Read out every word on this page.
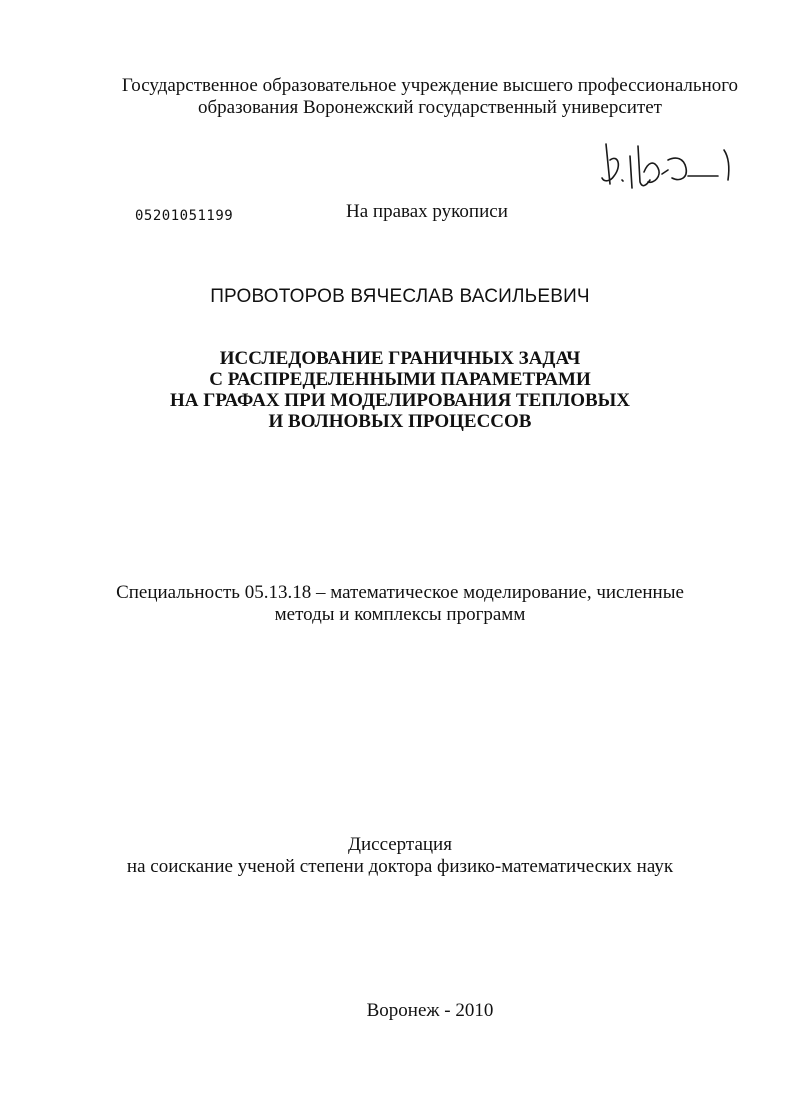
Государственное образовательное учреждение высшего профессионального
образования Воронежский государственный университет
05201051199	На правах рукописи
ПРОВОТОРОВ ВЯЧЕСЛАВ ВАСИЛЬЕВИЧ
ИССЛЕДОВАНИЕ ГРАНИЧНЫХ ЗАДАЧ
С РАСПРЕДЕЛЕННЫМИ ПАРАМЕТРАМИ
НА ГРАФАХ ПРИ МОДЕЛИРОВАНИЯ ТЕПЛОВЫХ
И ВОЛНОВЫХ ПРОЦЕССОВ
Специальность 05.13.18 – математическое моделирование, численные
методы и комплексы программ
Диссертация
на соискание ученой степени доктора физико-математических наук
Воронеж - 2010
